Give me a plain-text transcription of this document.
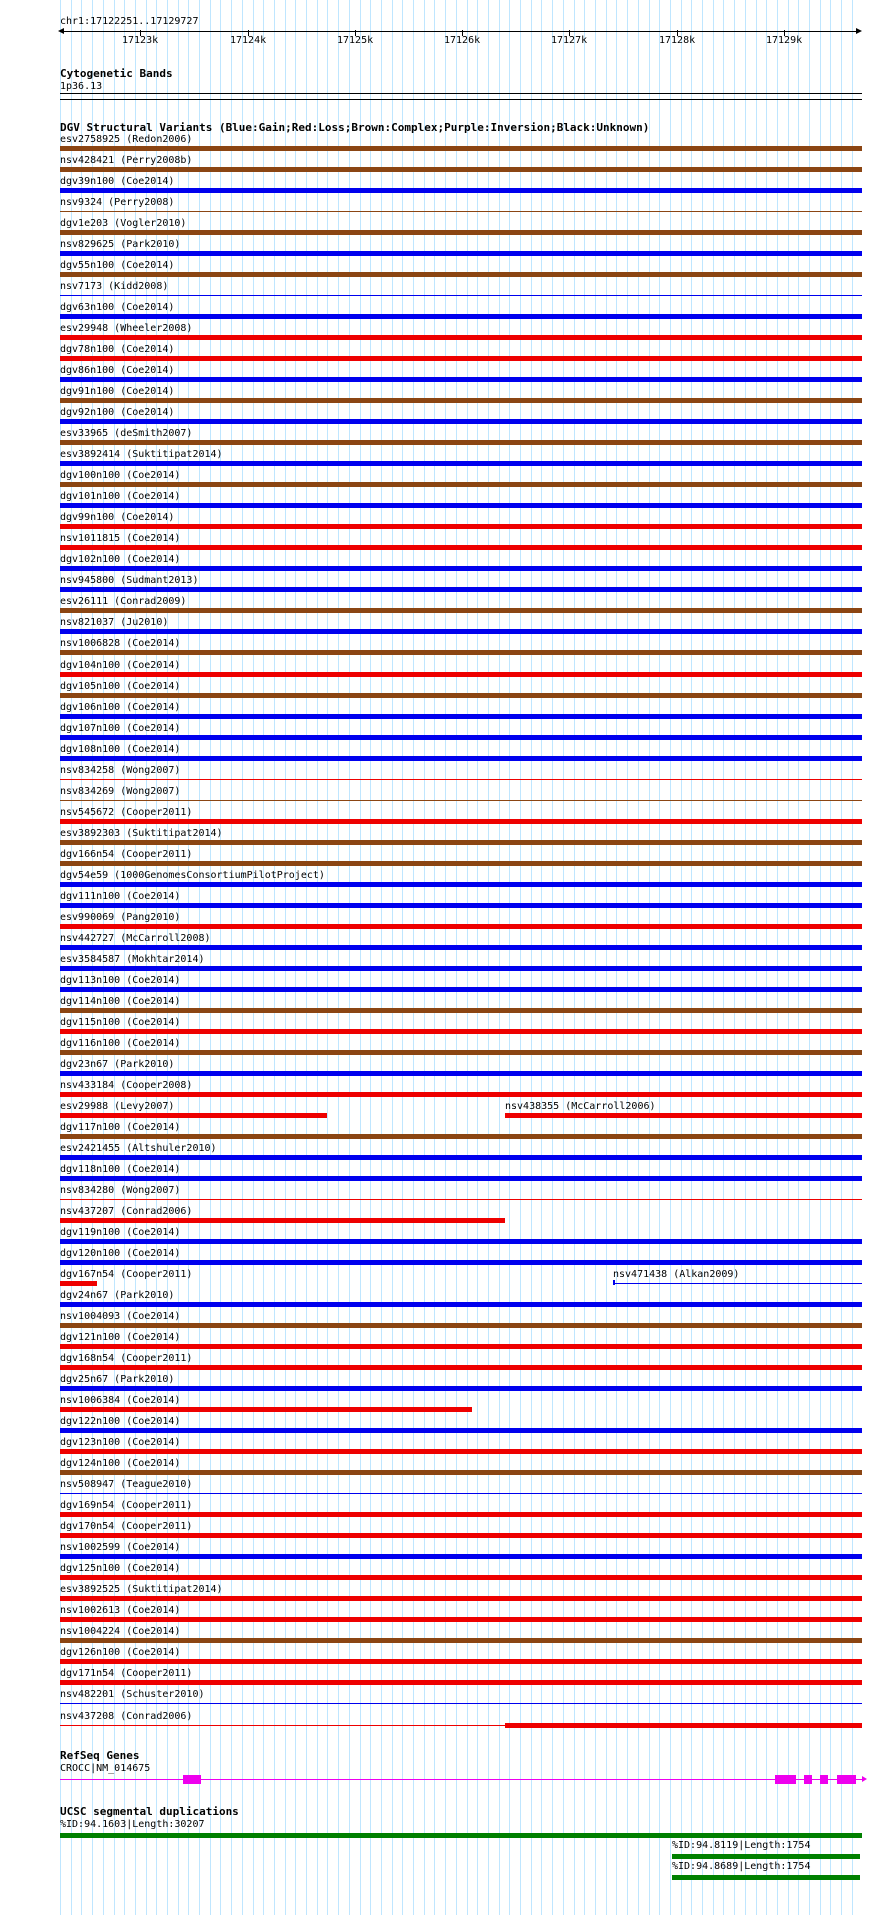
chr1:17122251..17129727
17123k	17124k	17125k	17126k	17127k	17128k	17129k
Cytogenetic Bands
1p36.13
DGV Structural Variants (Blue:Gain;Red:Loss;Brown:Complex;Purple:Inversion;Black:Unknown)
esv2758925 (Redon2006)
nsv428421 (Perry2008b)
dgv39n100 (Coe2014)
nsv9324 (Perry2008)
dgv1e203 (Vogler2010)
nsv829625 (Park2010)
dgv55n100 (Coe2014)
nsv7173 (Kidd2008)
dgv63n100 (Coe2014)
esv29948 (Wheeler2008)
dgv78n100 (Coe2014)
dgv86n100 (Coe2014)
dgv91n100 (Coe2014)
dgv92n100 (Coe2014)
esv33965 (deSmith2007)
esv3892414 (Suktitipat2014)
dgv100n100 (Coe2014)
dgv101n100 (Coe2014)
dgv99n100 (Coe2014)
nsv1011815 (Coe2014)
dgv102n100 (Coe2014)
nsv945800 (Sudmant2013)
esv26111 (Conrad2009)
nsv821037 (Ju2010)
nsv1006828 (Coe2014)
dgv104n100 (Coe2014)
dgv105n100 (Coe2014)
dgv106n100 (Coe2014)
dgv107n100 (Coe2014)
dgv108n100 (Coe2014)
nsv834258 (Wong2007)
nsv834269 (Wong2007)
nsv545672 (Cooper2011)
esv3892303 (Suktitipat2014)
dgv166n54 (Cooper2011)
dgv54e59 (1000GenomesConsortiumPilotProject)
dgv111n100 (Coe2014)
esv990069 (Pang2010)
nsv442727 (McCarroll2008)
esv3584587 (Mokhtar2014)
dgv113n100 (Coe2014)
dgv114n100 (Coe2014)
dgv115n100 (Coe2014)
dgv116n100 (Coe2014)
dgv23n67 (Park2010)
nsv433184 (Cooper2008)
esv29988 (Levy2007)	nsv438355 (McCarroll2006)
dgv117n100 (Coe2014)
esv2421455 (Altshuler2010)
dgv118n100 (Coe2014)
nsv834280 (Wong2007)
nsv437207 (Conrad2006)
dgv119n100 (Coe2014)
dgv120n100 (Coe2014)
dgv167n54 (Cooper2011)	nsv471438 (Alkan2009)
dgv24n67 (Park2010)
nsv1004093 (Coe2014)
dgv121n100 (Coe2014)
dgv168n54 (Cooper2011)
dgv25n67 (Park2010)
nsv1006384 (Coe2014)
dgv122n100 (Coe2014)
dgv123n100 (Coe2014)
dgv124n100 (Coe2014)
nsv508947 (Teague2010)
dgv169n54 (Cooper2011)
dgv170n54 (Cooper2011)
nsv1002599 (Coe2014)
dgv125n100 (Coe2014)
esv3892525 (Suktitipat2014)
nsv1002613 (Coe2014)
nsv1004224 (Coe2014)
dgv126n100 (Coe2014)
dgv171n54 (Cooper2011)
nsv482201 (Schuster2010)
nsv437208 (Conrad2006)
RefSeq Genes
CROCC|NM_014675
UCSC segmental duplications
%ID:94.1603|Length:30207
%ID:94.8119|Length:1754
%ID:94.8689|Length:1754
